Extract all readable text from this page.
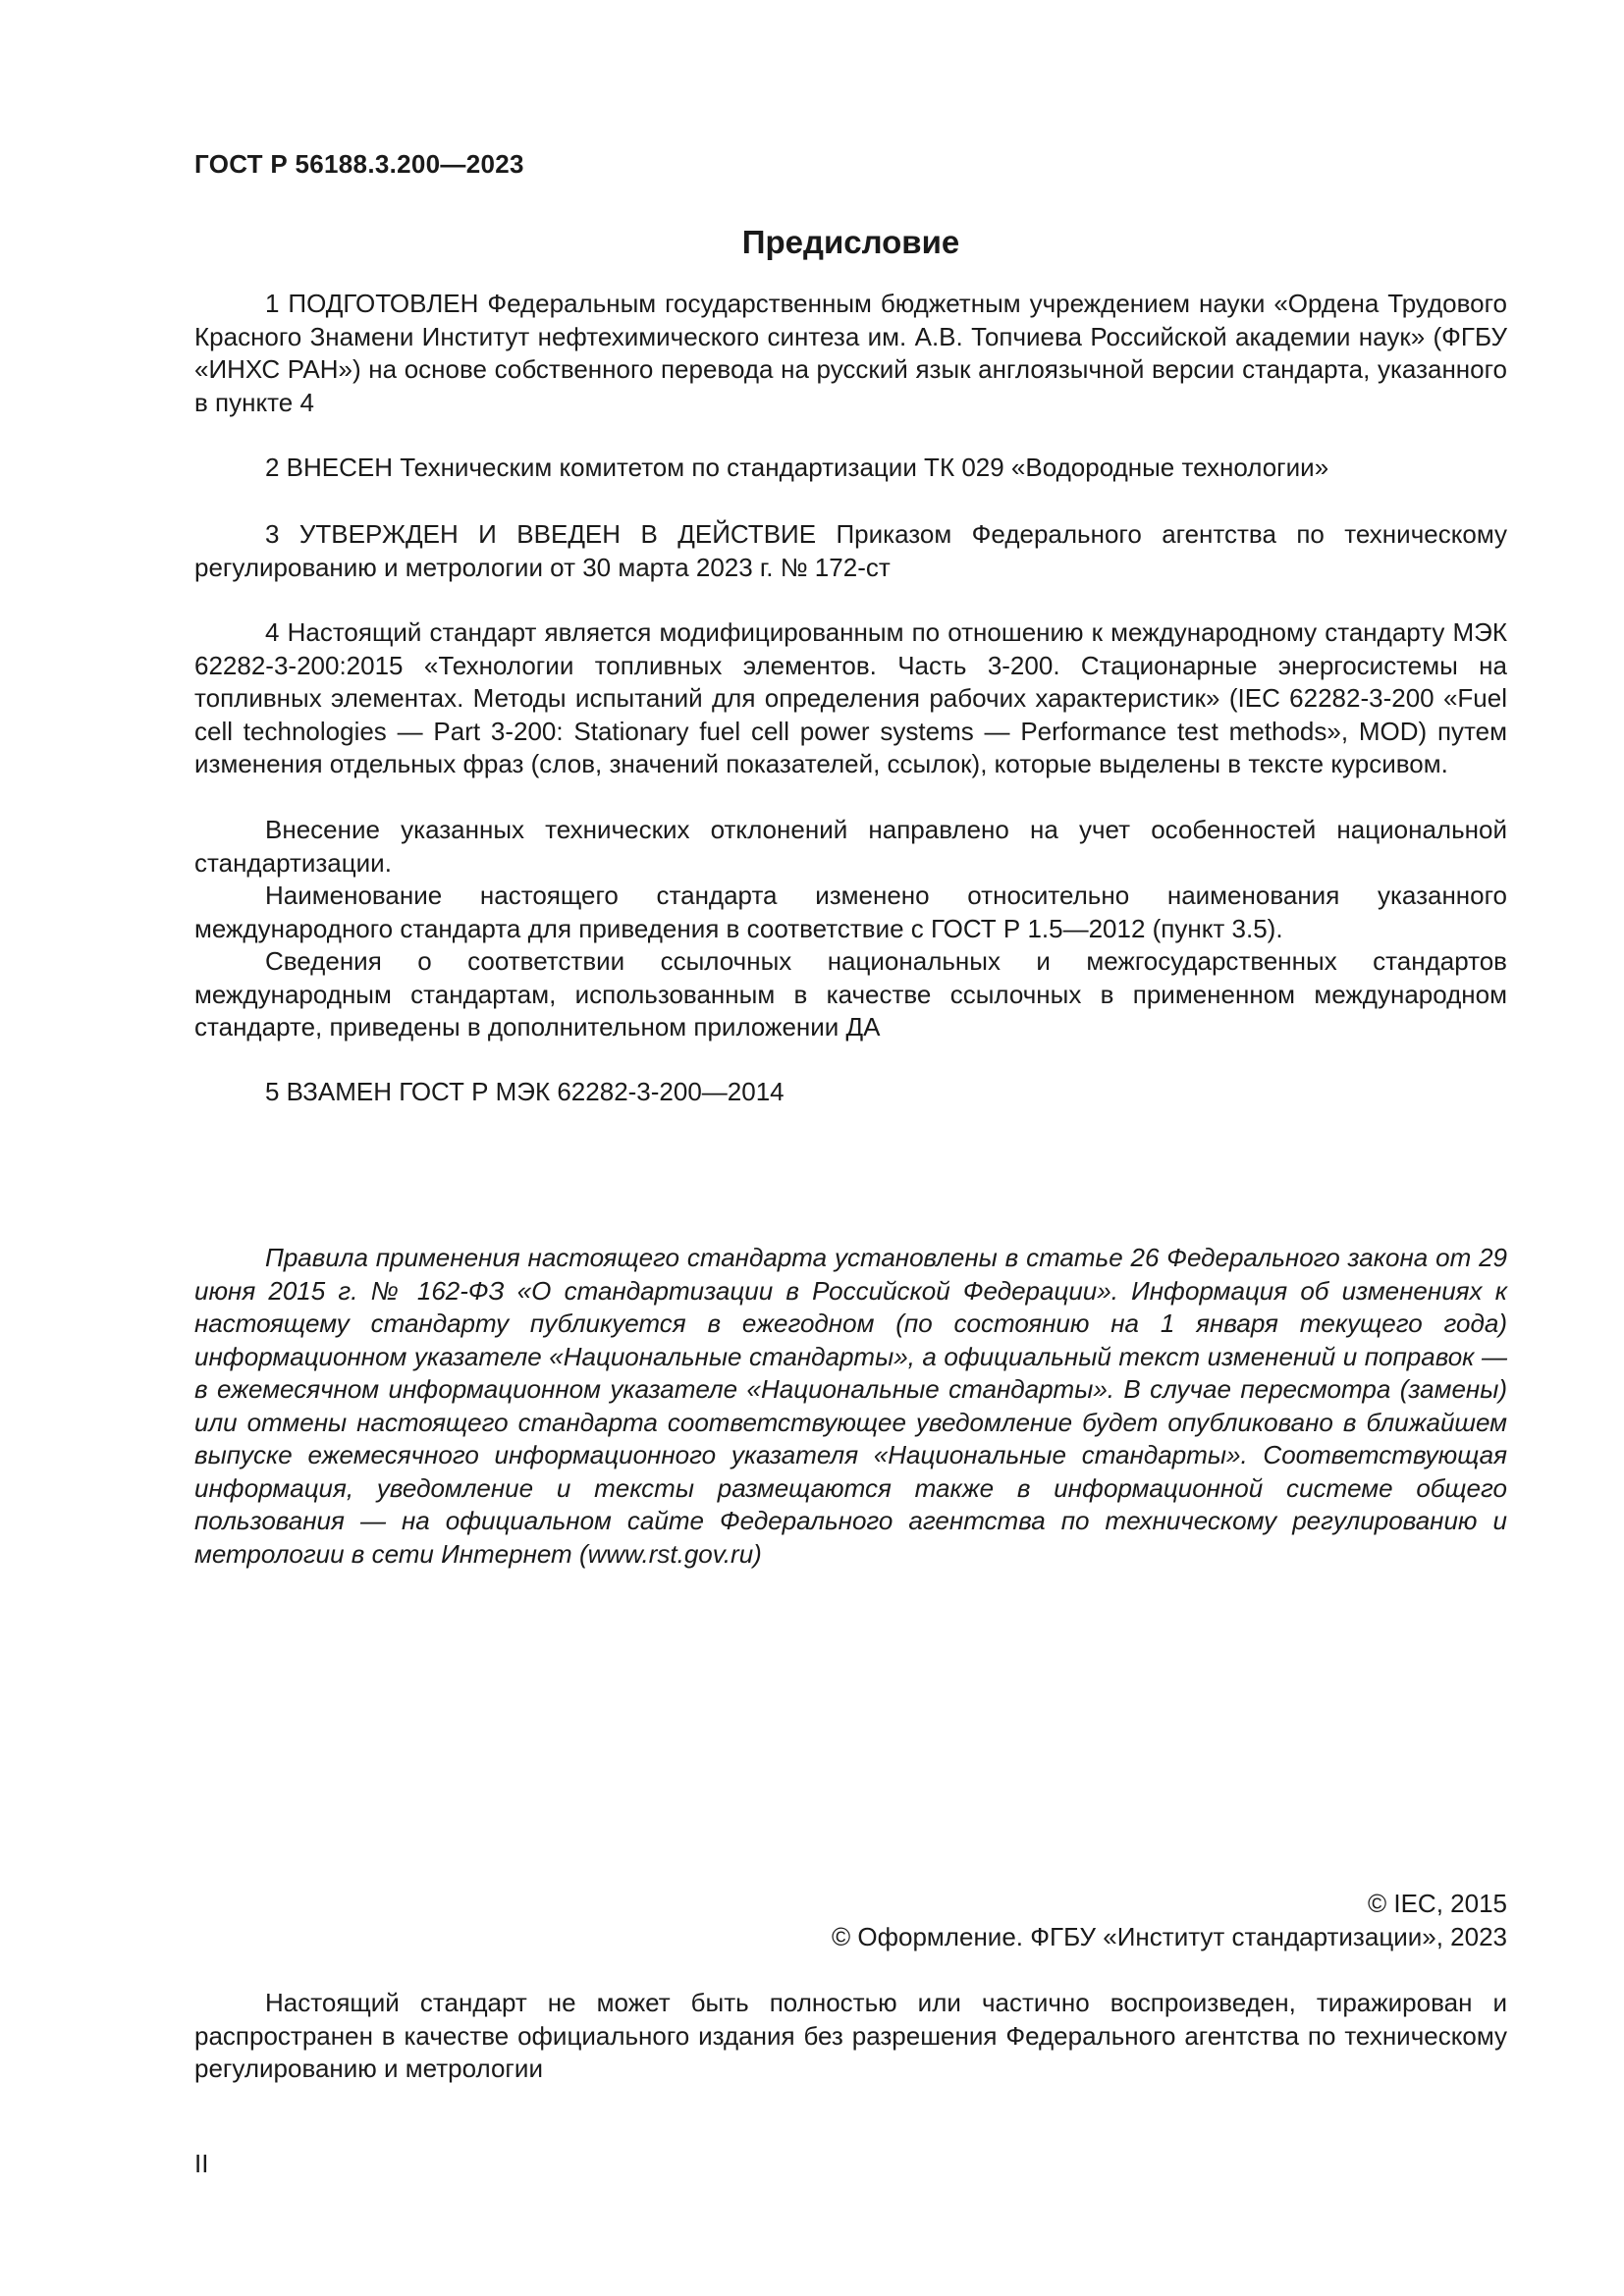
ГОСТ Р 56188.3.200—2023
Предисловие

1 ПОДГОТОВЛЕН Федеральным государственным бюджетным учреждением науки «Ордена Трудового Красного Знамени Институт нефтехимического синтеза им. А.В. Топчиева Российской академии наук» (ФГБУ «ИНХС РАН») на основе собственного перевода на русский язык англоязычной версии стандарта, указанного в пункте 4

2 ВНЕСЕН Техническим комитетом по стандартизации ТК 029 «Водородные технологии»

3 УТВЕРЖДЕН И ВВЕДЕН В ДЕЙСТВИЕ Приказом Федерального агентства по техническому регулированию и метрологии от 30 марта 2023 г. № 172-ст

4 Настоящий стандарт является модифицированным по отношению к международному стандарту МЭК 62282-3-200:2015 «Технологии топливных элементов. Часть 3-200. Стационарные энергосистемы на топливных элементах. Методы испытаний для определения рабочих характеристик» (IEC 62282-3-200 «Fuel cell technologies — Part 3-200: Stationary fuel cell power systems — Performance test methods», MOD) путем изменения отдельных фраз (слов, значений показателей, ссылок), которые выделены в тексте курсивом.

Внесение указанных технических отклонений направлено на учет особенностей национальной стандартизации.

Наименование настоящего стандарта изменено относительно наименования указанного международного стандарта для приведения в соответствие с ГОСТ Р 1.5—2012 (пункт 3.5).

Сведения о соответствии ссылочных национальных и межгосударственных стандартов международным стандартам, использованным в качестве ссылочных в примененном международном стандарте, приведены в дополнительном приложении ДА

5 ВЗАМЕН ГОСТ Р МЭК 62282-3-200—2014

Правила применения настоящего стандарта установлены в статье 26 Федерального закона от 29 июня 2015 г. № 162-ФЗ «О стандартизации в Российской Федерации». Информация об изменениях к настоящему стандарту публикуется в ежегодном (по состоянию на 1 января текущего года) информационном указателе «Национальные стандарты», а официальный текст изменений и поправок — в ежемесячном информационном указателе «Национальные стандарты». В случае пересмотра (замены) или отмены настоящего стандарта соответствующее уведомление будет опубликовано в ближайшем выпуске ежемесячного информационного указателя «Национальные стандарты». Соответствующая информация, уведомление и тексты размещаются также в информационной системе общего пользования — на официальном сайте Федерального агентства по техническому регулированию и метрологии в сети Интернет (www.rst.gov.ru)

© IEC, 2015

© Оформление. ФГБУ «Институт стандартизации», 2023

Настоящий стандарт не может быть полностью или частично воспроизведен, тиражирован и распространен в качестве официального издания без разрешения Федерального агентства по техническому регулированию и метрологии

II
